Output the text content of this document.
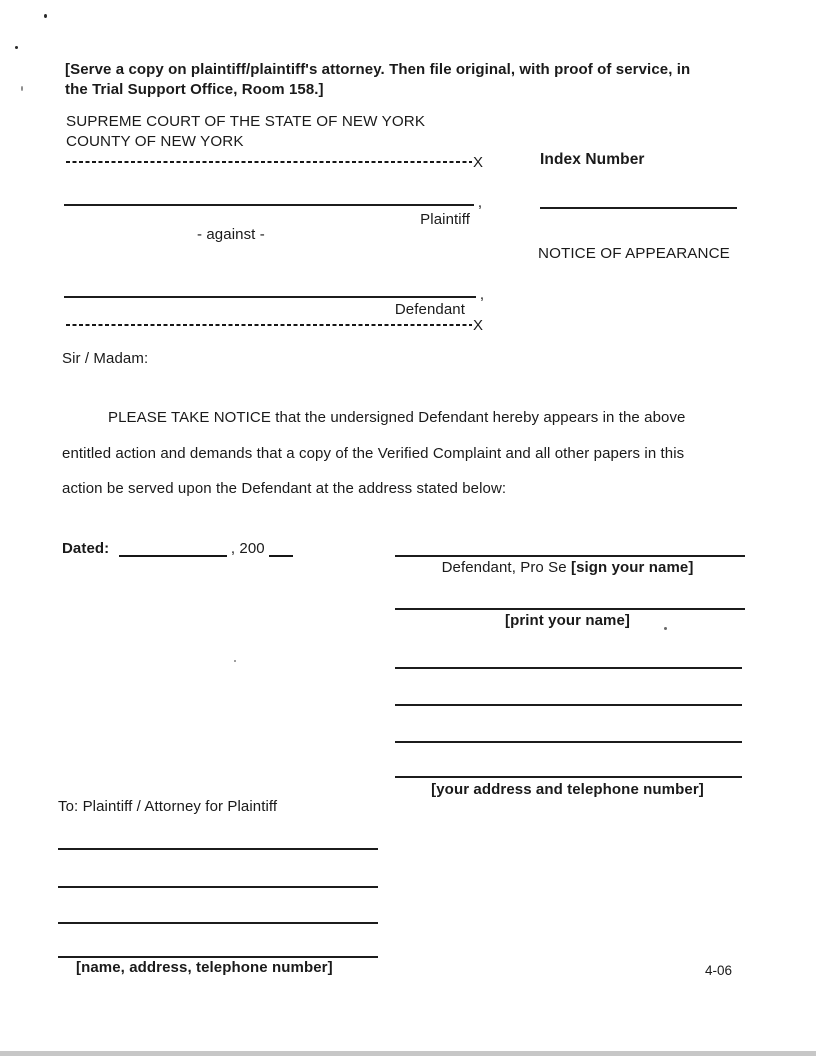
[Serve a copy on plaintiff/plaintiff's attorney. Then file original, with proof of service, in
the Trial Support Office, Room 158.]
SUPREME COURT OF THE STATE OF NEW YORK
COUNTY OF NEW YORK
X	Index Number
,
Plaintiff
- against -
NOTICE OF APPEARANCE
,
Defendant
X
Sir / Madam:
PLEASE TAKE NOTICE that the undersigned Defendant hereby appears in the above
entitled action and demands that a copy of the Verified Complaint and all other papers in this
action be served upon the Defendant at the address stated below:
Dated:	, 200
Defendant, Pro Se [sign your name]
[print your name]
[your address and telephone number]
To: Plaintiff / Attorney for Plaintiff
[name, address, telephone number]	4-06
